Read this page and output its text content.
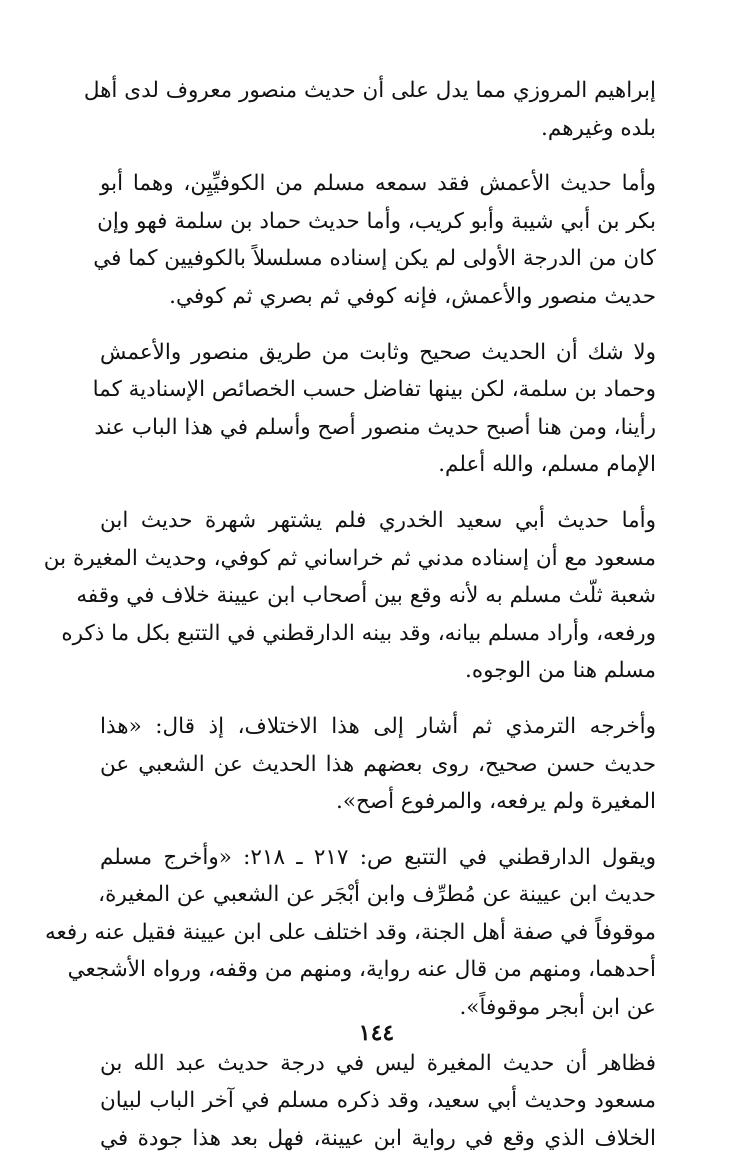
إبراهيم المروزي مما يدل على أن حديث منصور معروف لدى أهل
بلده وغيرهم.

وأما حديث الأعمش فقد سمعه مسلم من الكوفيِّيِن، وهما أبو
بكر بن أبي شيبة وأبو كريب، وأما حديث حماد بن سلمة فهو وإن
كان من الدرجة الأولى لم يكن إسناده مسلسلاً بالكوفيين كما في
حديث منصور والأعمش، فإنه كوفي ثم بصري ثم كوفي.

ولا شك أن الحديث صحيح وثابت من طريق منصور والأعمش
وحماد بن سلمة، لكن بينها تفاضل حسب الخصائص الإسنادية كما
رأينا، ومن هنا أصبح حديث منصور أصح وأسلم في هذا الباب عند
الإمام مسلم، والله أعلم.

وأما حديث أبي سعيد الخدري فلم يشتهر شهرة حديث ابن
مسعود مع أن إسناده مدني ثم خراساني ثم كوفي، وحديث المغيرة بن
شعبة ثلّث مسلم به لأنه وقع بين أصحاب ابن عيينة خلاف في وقفه
ورفعه، وأراد مسلم بيانه، وقد بينه الدارقطني في التتبع بكل ما ذكره
مسلم هنا من الوجوه.

وأخرجه الترمذي ثم أشار إلى هذا الاختلاف، إذ قال: «هذا
حديث حسن صحيح، روى بعضهم هذا الحديث عن الشعبي عن
المغيرة ولم يرفعه، والمرفوع أصح».

ويقول الدارقطني في التتبع ص: ٢١٧ ـ ٢١٨: «وأخرج مسلم
حديث ابن عيينة عن مُطرِّف وابن أبْجَر عن الشعبي عن المغيرة،
موقوفاً في صفة أهل الجنة، وقد اختلف على ابن عيينة فقيل عنه رفعه
أحدهما، ومنهم من قال عنه رواية، ومنهم من وقفه، ورواه الأشجعي
عن ابن أبجر موقوفاً».

فظاهر أن حديث المغيرة ليس في درجة حديث عبد الله بن
مسعود وحديث أبي سعيد، وقد ذكره مسلم في آخر الباب لبيان
الخلاف الذي وقع في رواية ابن عيينة، فهل بعد هذا جودة في

١٤٤
